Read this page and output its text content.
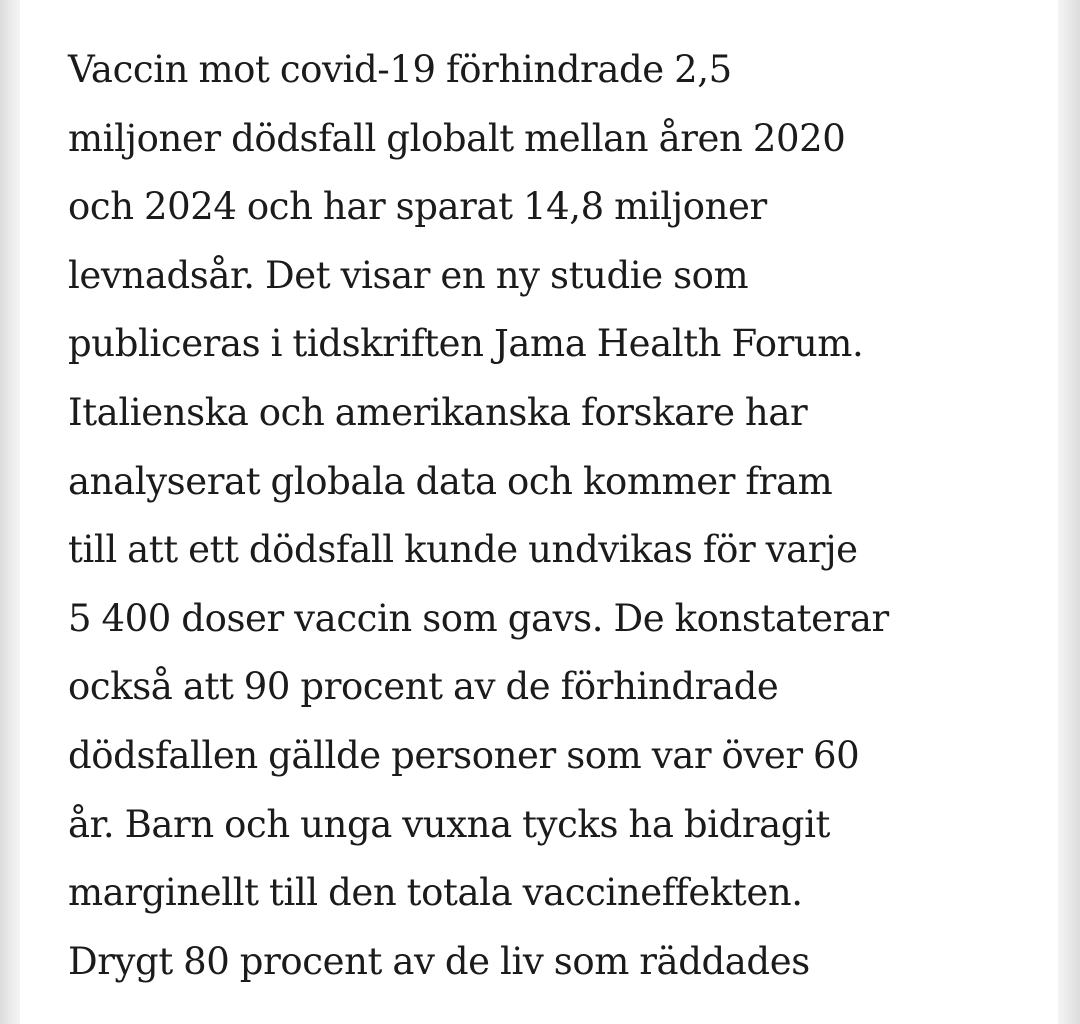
Vaccin mot covid-19 förhindrade 2,5
miljoner dödsfall globalt mellan åren 2020
och 2024 och har sparat 14,8 miljoner
levnadsår. Det visar en ny studie som
publiceras i tidskriften Jama Health Forum.
Italienska och amerikanska forskare har
analyserat globala data och kommer fram
till att ett dödsfall kunde undvikas för varje
5 400 doser vaccin som gavs. De konstaterar
också att 90 procent av de förhindrade
dödsfallen gällde personer som var över 60
år. Barn och unga vuxna tycks ha bidragit
marginellt till den totala vaccineffekten.
Drygt 80 procent av de liv som räddades
